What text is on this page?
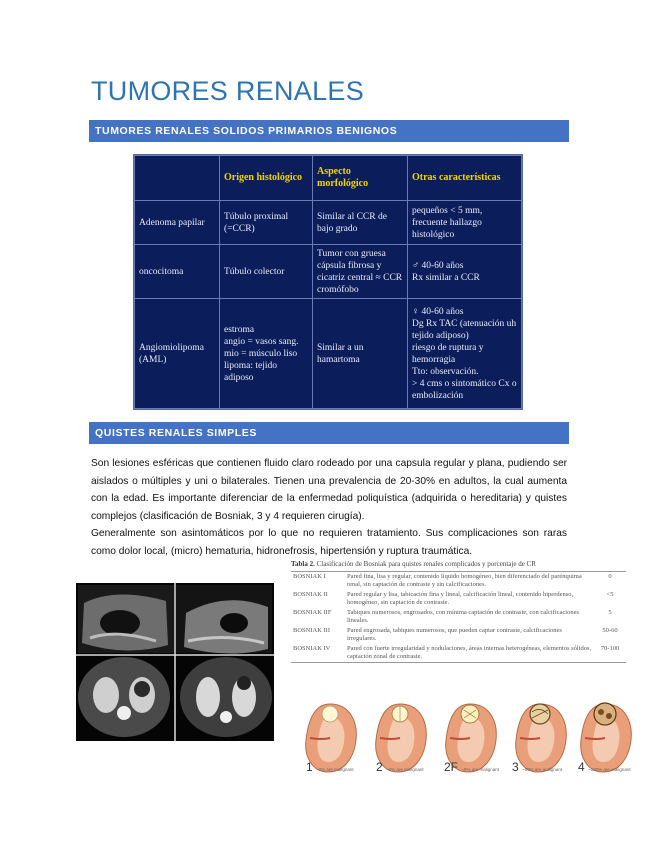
TUMORES RENALES
TUMORES RENALES SOLIDOS PRIMARIOS BENIGNOS
	Origen histológico	Aspecto morfológico	Otras características
Adenoma papilar	Túbulo proximal (=CCR)	Similar al CCR de bajo grado	pequeños < 5 mm, frecuente hallazgo histológico
oncocitoma	Túbulo colector	Tumor con gruesa cápsula fibrosa y cicatriz central ≈ CCR cromófobo	♂ 40-60 años
Rx similar a CCR

Angiomiolipoma (AML)	estroma
angio = vasos sang.
mio = músculo liso
lipoma: tejido adiposo	Similar a un hamartoma	♀ 40-60 años
Dg Rx TAC (atenuación uh tejido adiposo)
riesgo de ruptura y hemorragia
Tto: observación.
> 4 cms o sintomático Cx o embolización
QUISTES RENALES SIMPLES

Son lesiones esféricas que contienen fluido claro rodeado por una capsula regular y plana, pudiendo ser aislados o múltiples y uni o bilaterales. Tienen una prevalencia de 20-30% en adultos, la cual aumenta con la edad. Es importante diferenciar de la enfermedad poliquística (adquirida o hereditaria) y quistes complejos (clasificación de Bosniak, 3 y 4 requieren cirugía).

Generalmente son asintomáticos por lo que no requieren tratamiento. Sus complicaciones son raras como dolor local, (micro) hematuria, hidronefrosis, hipertensión y ruptura traumática.

Tabla 2. Clasificación de Bosniak para quistes renales complicados y porcentaje de CR
BOSNIAK I	Pared fina, lisa y regular, contenido líquido homogéneo, bien diferenciado del parénquima renal, sin captación de contraste y sin calcificaciones.	0
BOSNIAK II	Pared regular y lisa, tabicación fina y lineal, calcificación lineal, contenido hiperdenso, homogéneo, sin captación de contraste.	<5
BOSNIAK IIF	Tabiques numerosos, engrosados, con mínima captación de contraste, con calcificaciones lineales.	5
BOSNIAK III	Pared engrosada, tabiques numerosos, que pueden captar contraste, calcificaciones irregulares.	50-60
BOSNIAK IV	Pared con fuerte irregularidad y nodulaciones, áreas internas heterogéneas, elementos sólidos, captación zonal de contraste.	70-100
1 ~0% are malignant 2 ~0% are malignant 2F ~5% are malignant 3 ~50% are malignant 4 ~100% are malignant
